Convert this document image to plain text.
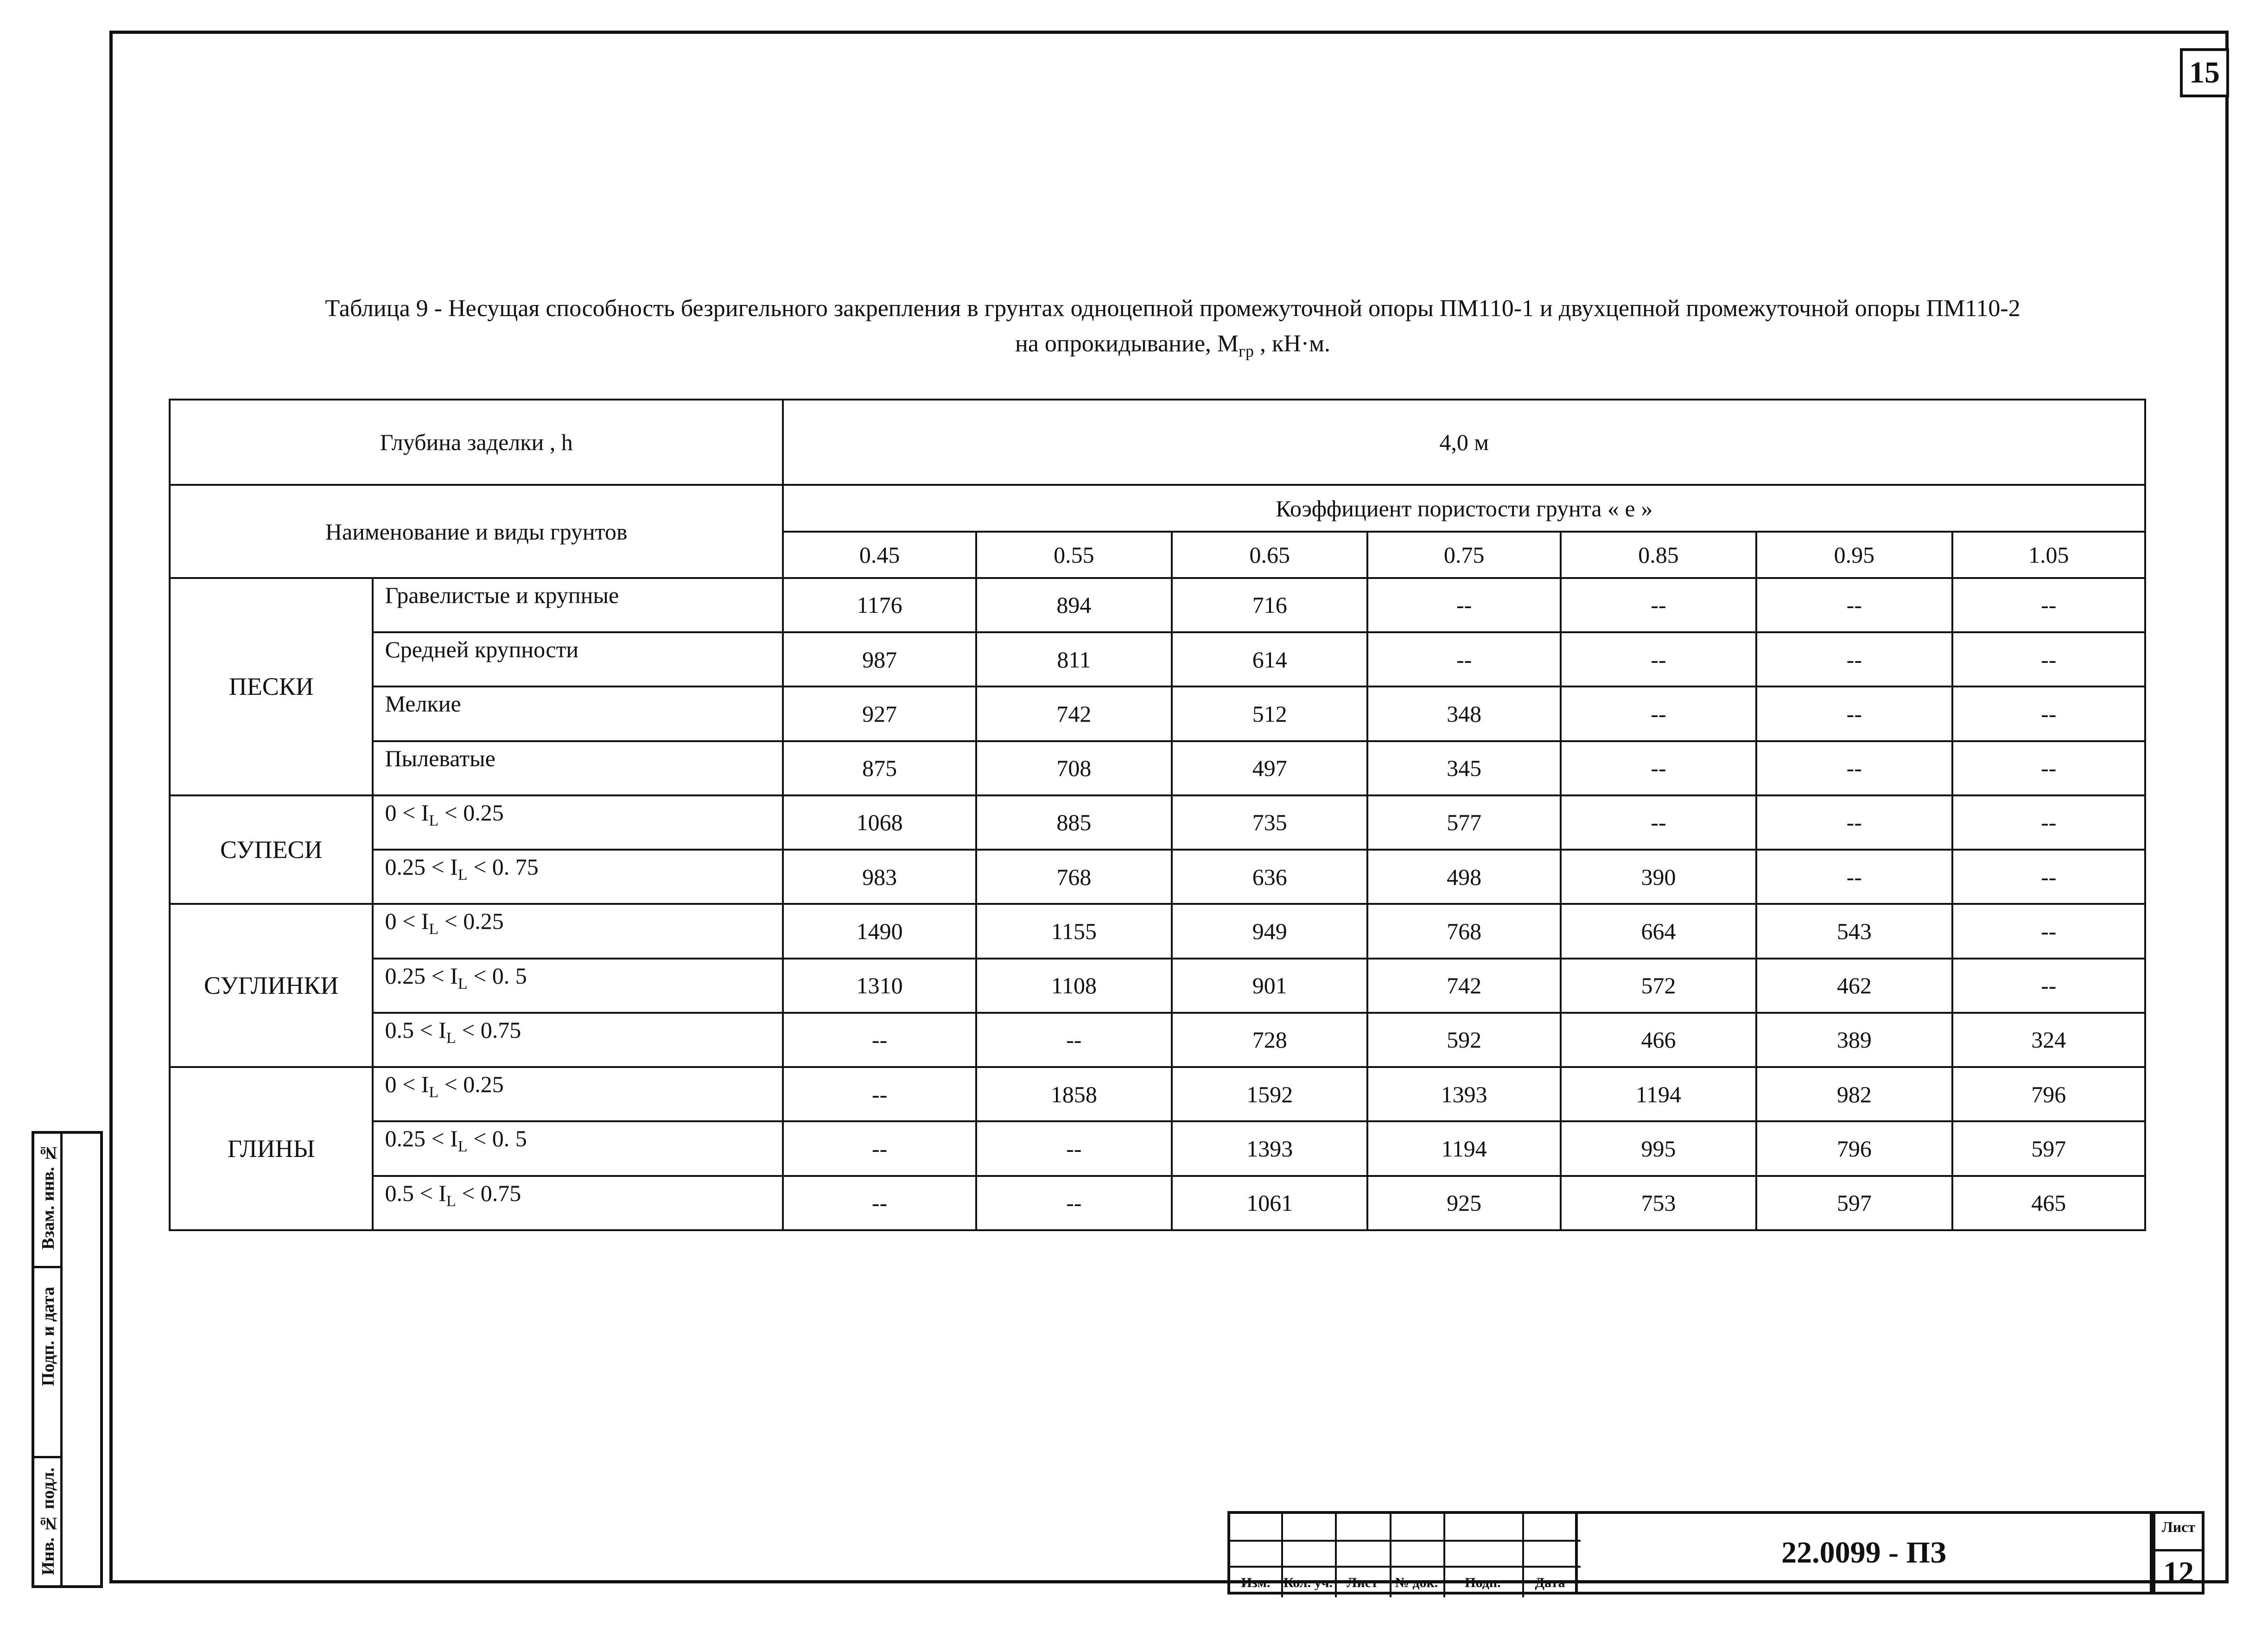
15
Таблица 9 - Несущая способность безригельного закрепления в грунтах одноцепной промежуточной опоры ПМ110-1 и двухцепной промежуточной опоры ПМ110-2
на опрокидывание, $М_{гр}$ , кН·м.
Глубина заделки , h		4,0 м						
Наименование и виды грунтов		Коэффициент пористости грунта « е »						
		0.45	0.55	0.65	0.75	0.85	0.95	1.05
ПЕСКИ	Гравелистые и крупные	1176	894	716	--	--	--	--
	Средней крупности	987	811	614	--	--	--	--
	Мелкие	927	742	512	348	--	--	--
	Пылеватые	875	708	497	345	--	--	--
СУПЕСИ	$0 < I_L < 0.25$	1068	885	735	577	--	--	--
	$0.25 < I_L < 0$. 75	983	768	636	498	390	--	--
СУГЛИНКИ	$0 < I_L < 0.25$	1490	1155	949	768	664	543	--
	$0.25 < I_L < 0$. 5	1310	1108	901	742	572	462	--
	$0.5 < I_L < 0.75$	--	--	728	592	466	389	324
ГЛИНЫ	$0 < I_L < 0.25$	--	1858	1592	1393	1194	982	796
	$0.25 < I_L < 0$. 5	--	--	1393	1194	995	796	597
	$0.5 < I_L < 0.75$	--	--	1061	925	753	597	465
Взам. инв. №
Подп. и дата
Инв. № подл.
Изм. Кол. уч.	Лист	№ док.	Подп.	Дата
22.0099 - ПЗ
Лист
12
